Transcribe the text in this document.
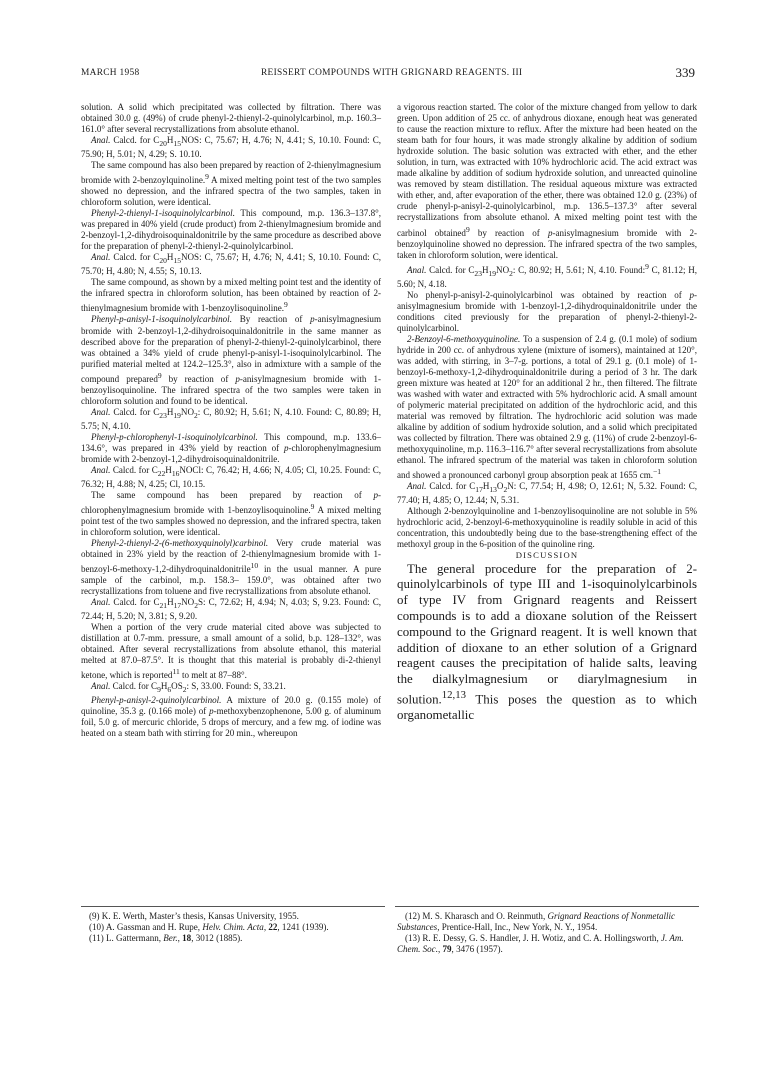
MARCH 1958	REISSERT COMPOUNDS WITH GRIGNARD REAGENTS. III	339

solution. A solid which precipitated was collected by filtration. There was obtained 30.0 g. (49%) of crude phenyl-2-thienyl-2-quinolylcarbinol, m.p. 160.3–161.0° after several recrystallizations from absolute ethanol.

Anal. Calcd. for $C_{20}H_{15}NOS$: C, 75.67; H, 4.76; N, 4.41; S, 10.10. Found: C, 75.90; H, 5.01; N, 4.29; S. 10.10.

The same compound has also been prepared by reaction of 2-thienylmagnesium bromide with 2-benzoylquinoline.$^9$ A mixed melting point test of the two samples showed no depression, and the infrared spectra of the two samples, taken in chloroform solution, were identical.

Phenyl-2-thienyl-1-isoquinolylcarbinol. This compound, m.p. 136.3–137.8°, was prepared in 40% yield (crude product) from 2-thienylmagnesium bromide and 2-benzoyl-1,2-dihydroisoquinaldonitrile by the same procedure as described above for the preparation of phenyl-2-thienyl-2-quinolylcarbinol.

Anal. Calcd. for $C_{20}H_{15}NOS$: C, 75.67; H, 4.76; N, 4.41; S, 10.10. Found: C, 75.70; H, 4.80; N, 4.55; S, 10.13.

The same compound, as shown by a mixed melting point test and the identity of the infrared spectra in chloroform solution, has been obtained by reaction of 2-thienylmagnesium bromide with 1-benzoylisoquinoline.$^9$

Phenyl-p-anisyl-1-isoquinolylcarbinol. By reaction of p-anisylmagnesium bromide with 2-benzoyl-1,2-dihydroisoquinaldonitrile in the same manner as described above for the preparation of phenyl-2-thienyl-2-quinolylcarbinol, there was obtained a 34% yield of crude phenyl-p-anisyl-1-isoquinolylcarbinol. The purified material melted at 124.2–125.3°, also in admixture with a sample of the compound prepared$^9$ by reaction of p-anisylmagnesium bromide with 1-benzoylisoquinoline. The infrared spectra of the two samples were taken in chloroform solution and found to be identical.

Anal. Calcd. for $C_{23}H_{19}NO_2$: C, 80.92; H, 5.61; N, 4.10. Found: C, 80.89; H, 5.75; N, 4.10.

Phenyl-p-chlorophenyl-1-isoquinolylcarbinol. This compound, m.p. 133.6–134.6°, was prepared in 43% yield by reaction of p-chlorophenylmagnesium bromide with 2-benzoyl-1,2-dihydroisoquinaldonitrile.

Anal. Calcd. for $C_{22}H_{16}NOCl$: C, 76.42; H, 4.66; N, 4.05; Cl, 10.25. Found: C, 76.32; H, 4.88; N, 4.25; Cl, 10.15.

The same compound has been prepared by reaction of p-chlorophenylmagnesium bromide with 1-benzoylisoquinoline.$^9$ A mixed melting point test of the two samples showed no depression, and the infrared spectra, taken in chloroform solution, were identical.

Phenyl-2-thienyl-2-(6-methoxyquinolyl)carbinol. Very crude material was obtained in 23% yield by the reaction of 2-thienylmagnesium bromide with 1-benzoyl-6-methoxy-1,2-dihydroquinaldonitrile$^{10}$ in the usual manner. A pure sample of the carbinol, m.p. 158.3– 159.0°, was obtained after two recrystallizations from toluene and five recrystallizations from absolute ethanol.

Anal. Calcd. for $C_{21}H_{17}NO_2S$: C, 72.62; H, 4.94; N, 4.03; S, 9.23. Found: C, 72.44; H, 5.20; N, 3.81; S, 9.20.

When a portion of the very crude material cited above was subjected to distillation at 0.7-mm. pressure, a small amount of a solid, b.p. 128–132°, was obtained. After several recrystallizations from absolute ethanol, this material melted at 87.0–87.5°. It is thought that this material is probably di-2-thienyl ketone, which is reported$^{11}$ to melt at 87–88°.

Anal. Calcd. for $C_9H_6OS_2$: S, 33.00. Found: S, 33.21.

Phenyl-p-anisyl-2-quinolylcarbinol. A mixture of 20.0 g. (0.155 mole) of quinoline, 35.3 g. (0.166 mole) of p-methoxybenzophenone, 5.00 g. of aluminum foil, 5.0 g. of mercuric chloride, 5 drops of mercury, and a few mg. of iodine was heated on a steam bath with stirring for 20 min., whereupon

a vigorous reaction started. The color of the mixture changed from yellow to dark green. Upon addition of 25 cc. of anhydrous dioxane, enough heat was generated to cause the reaction mixture to reflux. After the mixture had been heated on the steam bath for four hours, it was made strongly alkaline by addition of sodium hydroxide solution. The basic solution was extracted with ether, and the ether solution, in turn, was extracted with 10% hydrochloric acid. The acid extract was made alkaline by addition of sodium hydroxide solution, and unreacted quinoline was removed by steam distillation. The residual aqueous mixture was extracted with ether, and, after evaporation of the ether, there was obtained 12.0 g. (23%) of crude phenyl-p-anisyl-2-quinolylcarbinol, m.p. 136.5–137.3° after several recrystallizations from absolute ethanol. A mixed melting point test with the carbinol obtained$^9$ by reaction of p-anisylmagnesium bromide with 2-benzoylquinoline showed no depression. The infrared spectra of the two samples, taken in chloroform solution, were identical.

Anal. Calcd. for $C_{23}H_{19}NO_2$: C, 80.92; H, 5.61; N, 4.10. Found:$^9$ C, 81.12; H, 5.60; N, 4.18.

No phenyl-p-anisyl-2-quinolylcarbinol was obtained by reaction of p-anisylmagnesium bromide with 1-benzoyl-1,2-dihydroquinaldonitrile under the conditions cited previously for the preparation of phenyl-2-thienyl-2-quinolylcarbinol.

2-Benzoyl-6-methoxyquinoline. To a suspension of 2.4 g. (0.1 mole) of sodium hydride in 200 cc. of anhydrous xylene (mixture of isomers), maintained at 120°, was added, with stirring, in 3–7-g. portions, a total of 29.1 g. (0.1 mole) of 1-benzoyl-6-methoxy-1,2-dihydroquinaldonitrile during a period of 3 hr. The dark green mixture was heated at 120° for an additional 2 hr., then filtered. The filtrate was washed with water and extracted with 5% hydrochloric acid. A small amount of polymeric material precipitated on addition of the hydrochloric acid, and this material was removed by filtration. The hydrochloric acid solution was made alkaline by addition of sodium hydroxide solution, and a solid which precipitated was collected by filtration. There was obtained 2.9 g. (11%) of crude 2-benzoyl-6-methoxyquinoline, m.p. 116.3–116.7° after several recrystallizations from absolute ethanol. The infrared spectrum of the material was taken in chloroform solution and showed a pronounced carbonyl group absorption peak at 1655 cm.$^{-1}$

Anal. Calcd. for $C_{17}H_{13}O_2N$: C, 77.54; H, 4.98; O, 12.61; N, 5.32. Found: C, 77.40; H, 4.85; O, 12.44; N, 5.31.

Although 2-benzoylquinoline and 1-benzoylisoquinoline are not soluble in 5% hydrochloric acid, 2-benzoyl-6-methoxyquinoline is readily soluble in acid of this concentration, this undoubtedly being due to the base-strengthening effect of the methoxyl group in the 6-position of the quinoline ring.

DISCUSSION

The general procedure for the preparation of 2-quinolylcarbinols of type III and 1-isoquinolylcarbinols of type IV from Grignard reagents and Reissert compounds is to add a dioxane solution of the Reissert compound to the Grignard reagent. It is well known that addition of dioxane to an ether solution of a Grignard reagent causes the precipitation of halide salts, leaving the dialkylmagnesium or diarylmagnesium in solution.$^{12,13}$ This poses the question as to which organometallic

(9) K. E. Werth, Master’s thesis, Kansas University, 1955.

(10) A. Gassman and H. Rupe, Helv. Chim. Acta, 22, 1241 (1939).

(11) L. Gattermann, Ber., 18, 3012 (1885).

(12) M. S. Kharasch and O. Reinmuth, Grignard Reactions of Nonmetallic Substances, Prentice-Hall, Inc., New York, N. Y., 1954.

(13) R. E. Dessy, G. S. Handler, J. H. Wotiz, and C. A. Hollingsworth, J. Am. Chem. Soc., 79, 3476 (1957).
